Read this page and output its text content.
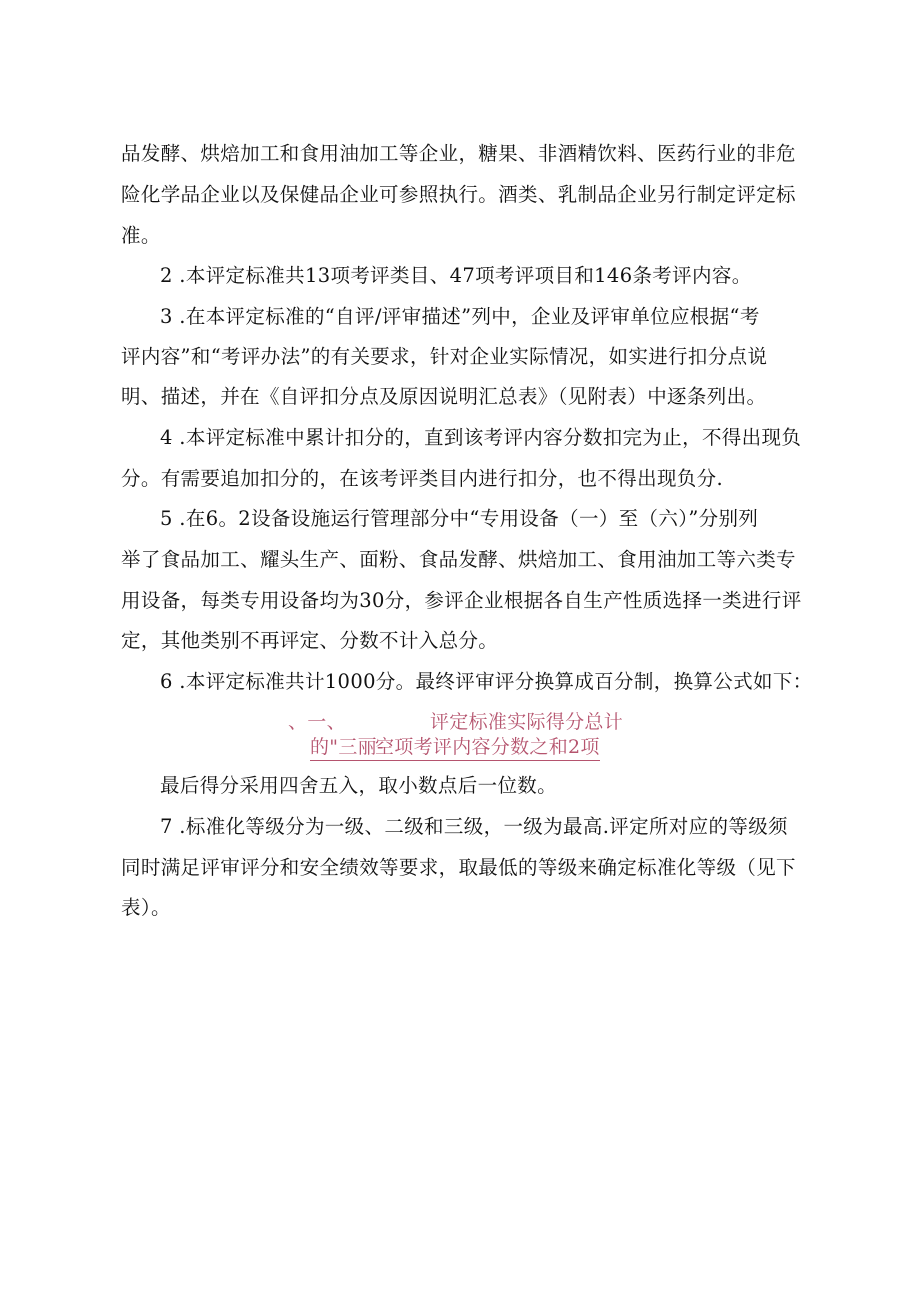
品发酵、烘焙加工和食用油加工等企业，糖果、非酒精饮料、医药行业的非危
险化学品企业以及保健品企业可参照执行。酒类、乳制品企业另行制定评定标
准。
2 .本评定标准共13项考评类目、47项考评项目和146条考评内容。
3 .在本评定标准的“自评/评审描述”列中，企业及评审单位应根据“考
评内容”和“考评办法”的有关要求，针对企业实际情况，如实进行扣分点说
明、描述，并在《自评扣分点及原因说明汇总表》（见附表）中逐条列出。
4 .本评定标准中累计扣分的，直到该考评内容分数扣完为止，不得出现负
分。有需要追加扣分的，在该考评类目内进行扣分，也不得出现负分.
5 .在6。2设备设施运行管理部分中“专用设备（一）至（六）”分别列
举了食品加工、耀头生产、面粉、食品发酵、烘焙加工、食用油加工等六类专
用设备，每类专用设备均为30分，参评企业根据各自生产性质选择一类进行评
定，其他类别不再评定、分数不计入总分。
6 .本评定标准共计1000分。最终评审评分换算成百分制，换算公式如下：
、一、	评定标准实际得分总计
的"三丽-
空项考评内容分数之和2项
最后得分采用四舍五入，取小数点后一位数。
7 .标准化等级分为一级、二级和三级，一级为最高.评定所对应的等级须
同时满足评审评分和安全绩效等要求，取最低的等级来确定标准化等级（见下
表）。
